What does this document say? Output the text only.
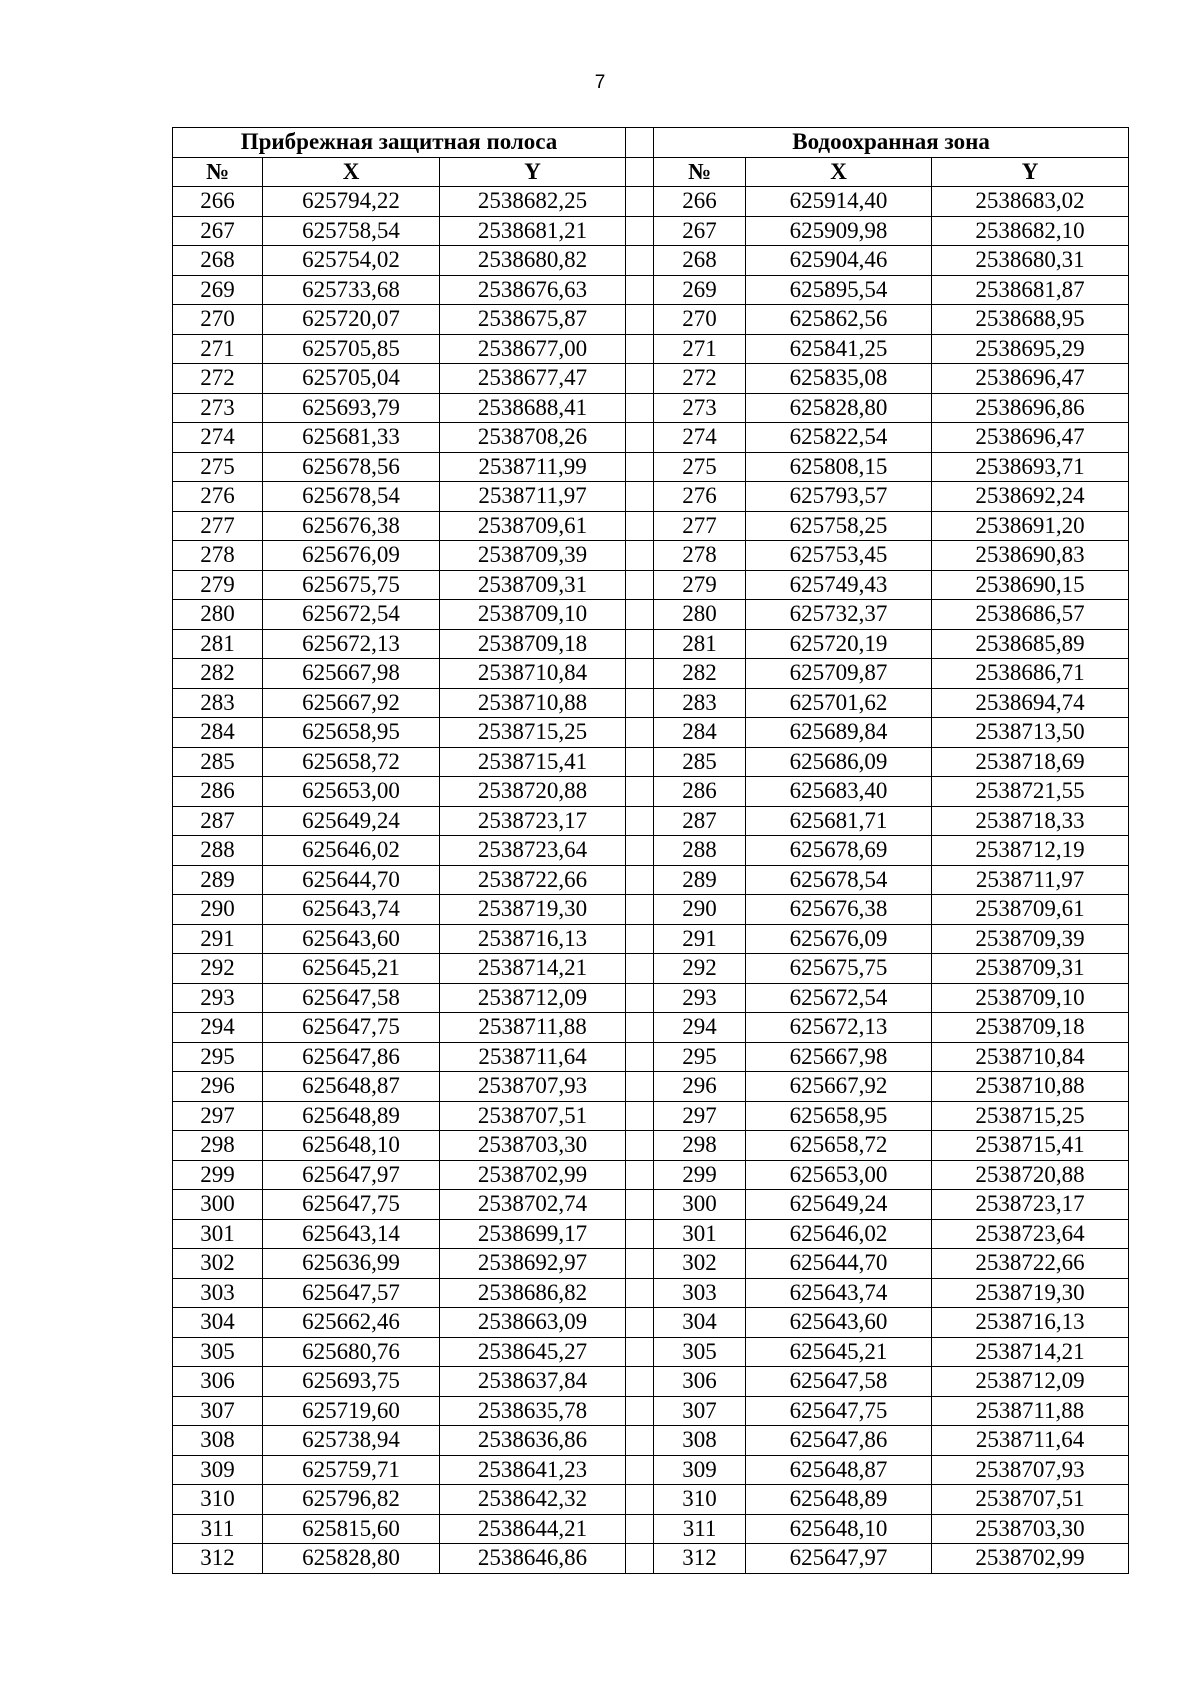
7
Прибрежная защитная полоса				Водоохранная зона		
№	X	Y		№	X	Y
266	625794,22	2538682,25		266	625914,40	2538683,02
267	625758,54	2538681,21		267	625909,98	2538682,10
268	625754,02	2538680,82		268	625904,46	2538680,31
269	625733,68	2538676,63		269	625895,54	2538681,87
270	625720,07	2538675,87		270	625862,56	2538688,95
271	625705,85	2538677,00		271	625841,25	2538695,29
272	625705,04	2538677,47		272	625835,08	2538696,47
273	625693,79	2538688,41		273	625828,80	2538696,86
274	625681,33	2538708,26		274	625822,54	2538696,47
275	625678,56	2538711,99		275	625808,15	2538693,71
276	625678,54	2538711,97		276	625793,57	2538692,24
277	625676,38	2538709,61		277	625758,25	2538691,20
278	625676,09	2538709,39		278	625753,45	2538690,83
279	625675,75	2538709,31		279	625749,43	2538690,15
280	625672,54	2538709,10		280	625732,37	2538686,57
281	625672,13	2538709,18		281	625720,19	2538685,89
282	625667,98	2538710,84		282	625709,87	2538686,71
283	625667,92	2538710,88		283	625701,62	2538694,74
284	625658,95	2538715,25		284	625689,84	2538713,50
285	625658,72	2538715,41		285	625686,09	2538718,69
286	625653,00	2538720,88		286	625683,40	2538721,55
287	625649,24	2538723,17		287	625681,71	2538718,33
288	625646,02	2538723,64		288	625678,69	2538712,19
289	625644,70	2538722,66		289	625678,54	2538711,97
290	625643,74	2538719,30		290	625676,38	2538709,61
291	625643,60	2538716,13		291	625676,09	2538709,39
292	625645,21	2538714,21		292	625675,75	2538709,31
293	625647,58	2538712,09		293	625672,54	2538709,10
294	625647,75	2538711,88		294	625672,13	2538709,18
295	625647,86	2538711,64		295	625667,98	2538710,84
296	625648,87	2538707,93		296	625667,92	2538710,88
297	625648,89	2538707,51		297	625658,95	2538715,25
298	625648,10	2538703,30		298	625658,72	2538715,41
299	625647,97	2538702,99		299	625653,00	2538720,88
300	625647,75	2538702,74		300	625649,24	2538723,17
301	625643,14	2538699,17		301	625646,02	2538723,64
302	625636,99	2538692,97		302	625644,70	2538722,66
303	625647,57	2538686,82		303	625643,74	2538719,30
304	625662,46	2538663,09		304	625643,60	2538716,13
305	625680,76	2538645,27		305	625645,21	2538714,21
306	625693,75	2538637,84		306	625647,58	2538712,09
307	625719,60	2538635,78		307	625647,75	2538711,88
308	625738,94	2538636,86		308	625647,86	2538711,64
309	625759,71	2538641,23		309	625648,87	2538707,93
310	625796,82	2538642,32		310	625648,89	2538707,51
311	625815,60	2538644,21		311	625648,10	2538703,30
312	625828,80	2538646,86		312	625647,97	2538702,99
